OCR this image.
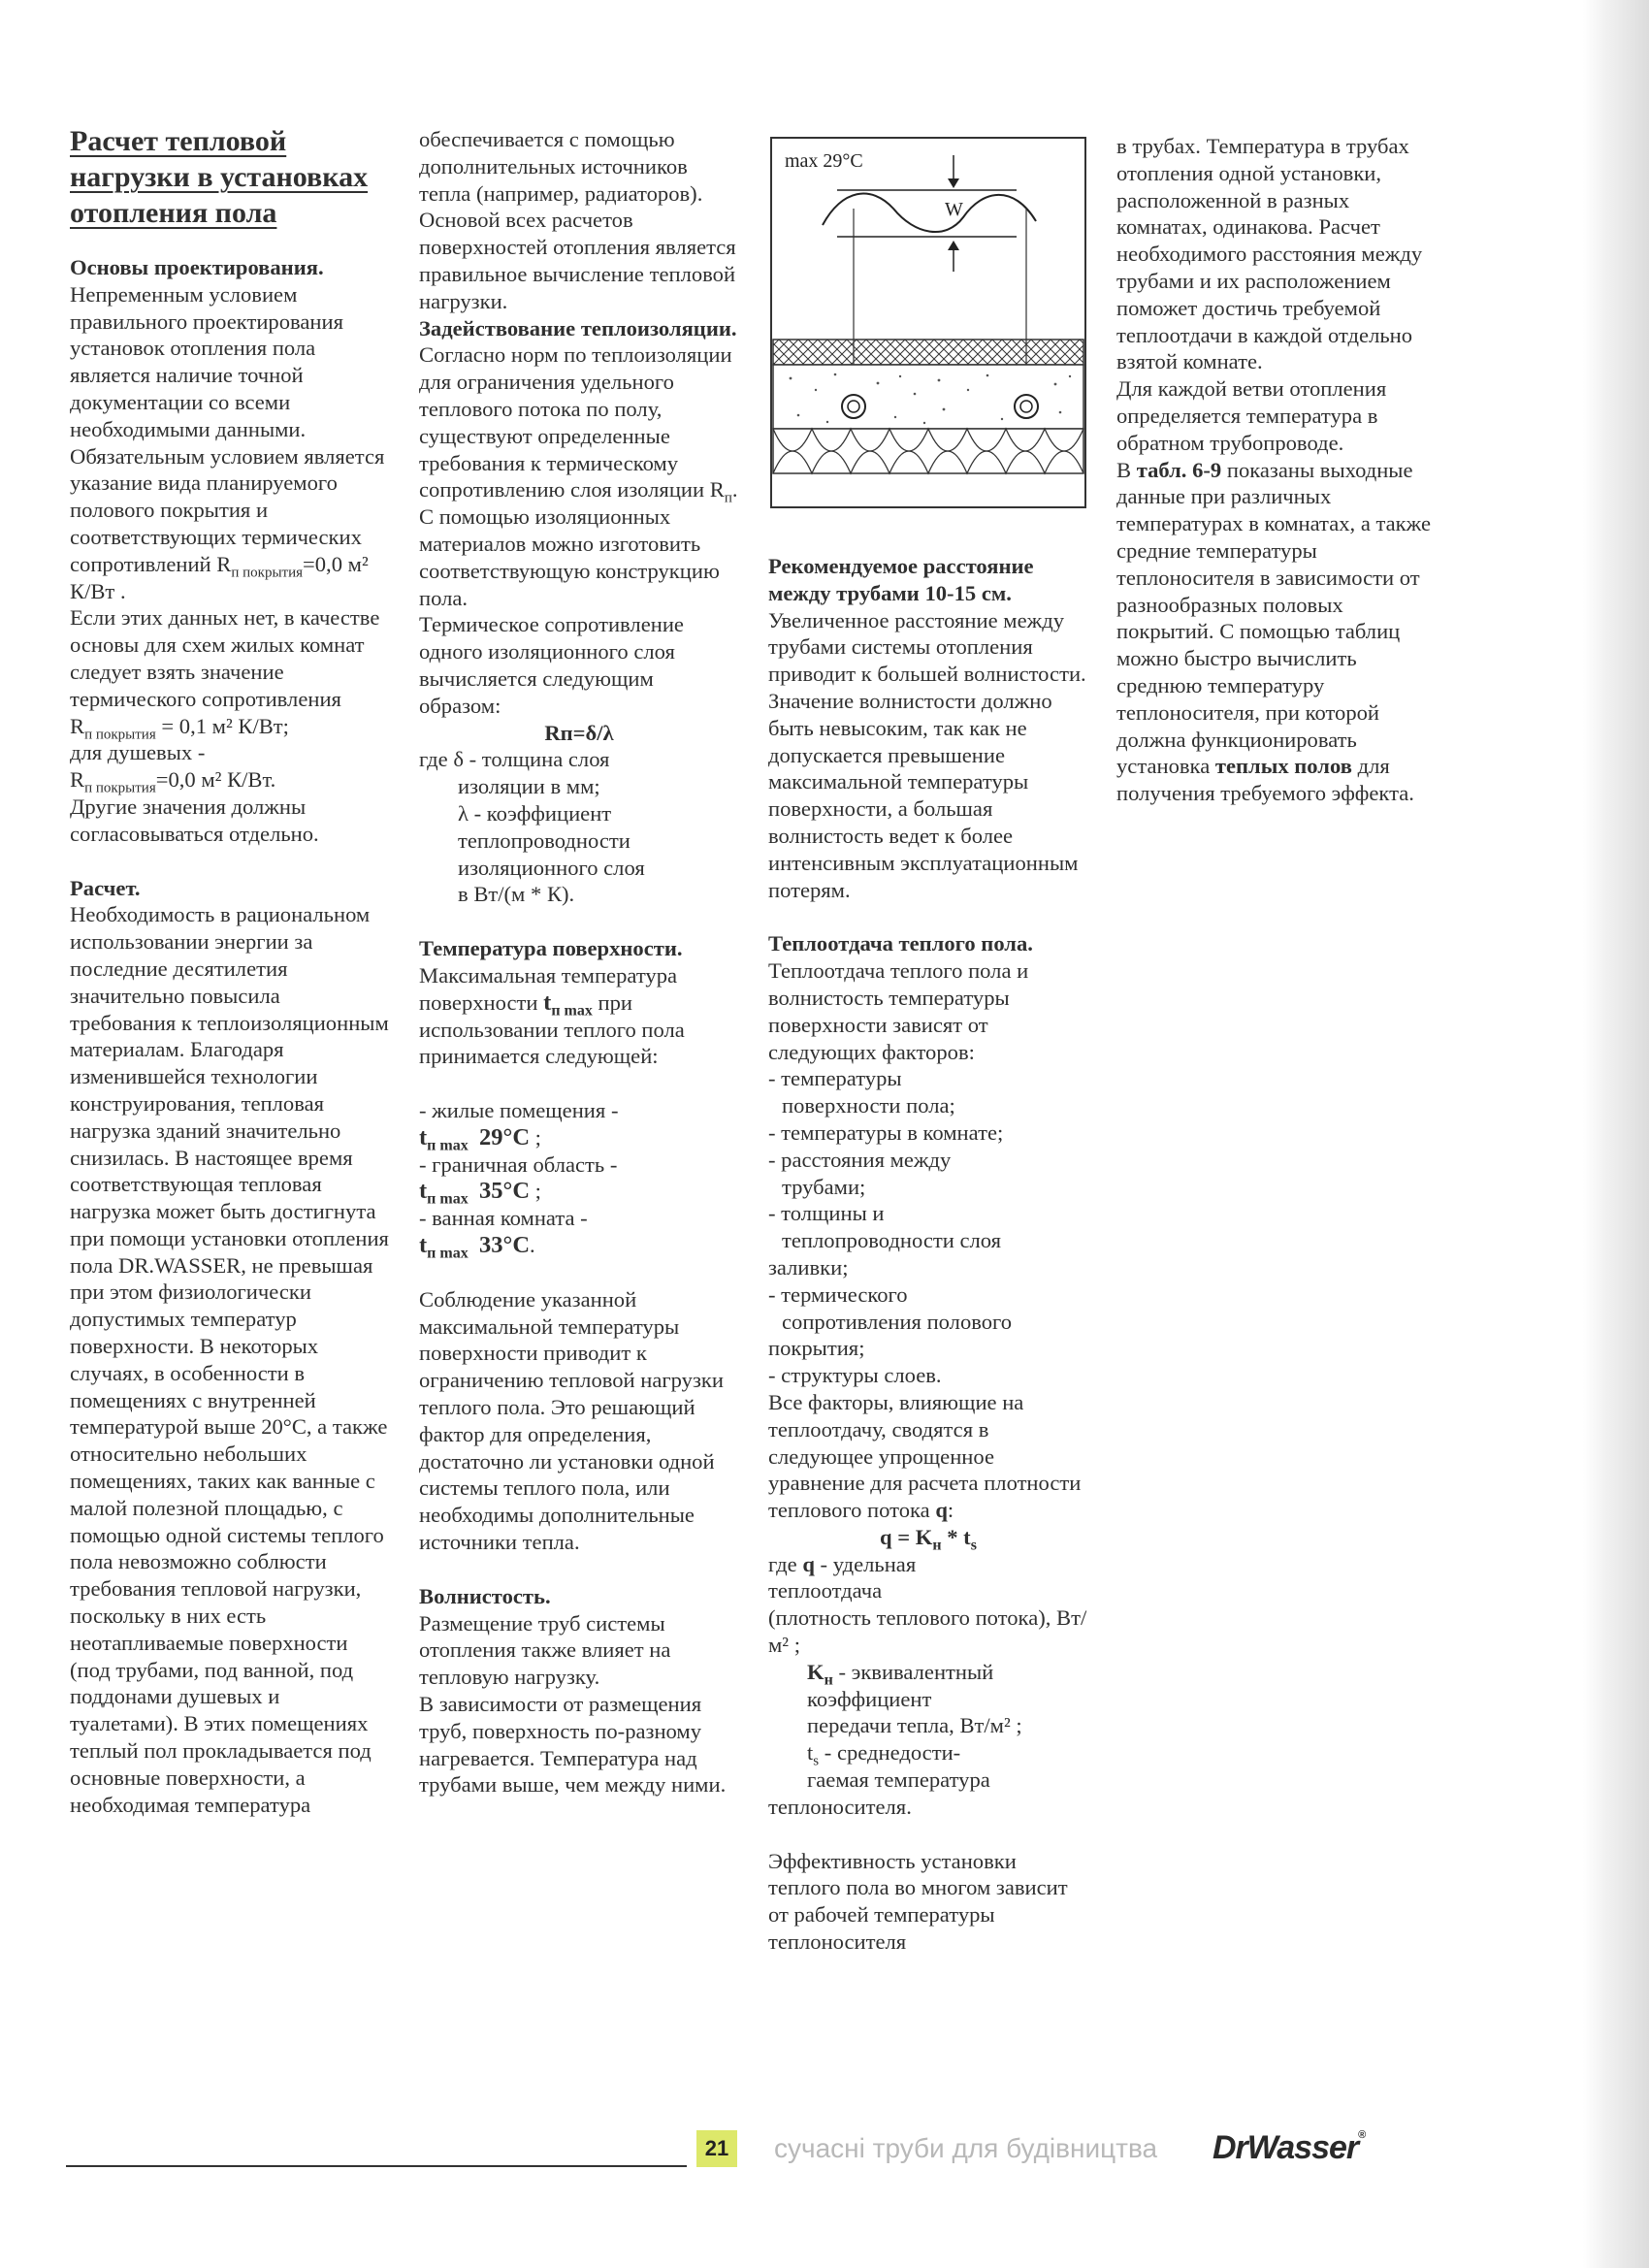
Расчет тепловой нагрузки в установках отопления пола

Основы проектирования.

Непременным условием правильного проектирования установок отопления пола является наличие точной документации со всеми необходимыми данными. Обязательным условием является указание вида планируемого полового покрытия и соответствующих термических сопротивлений $R_{п покрытия}=0,0$ м² К/Вт .

Если этих данных нет, в качестве основы для схем жилых комнат следует взять значение термического сопротивления

$R_{п покрытия} = 0,1$ м² К/Вт;

для душевых -

$R_{п покрытия}=0,0$ м² К/Вт.

Другие значения должны согласовываться отдельно.

Расчет.

Необходимость в рациональном использовании энергии за последние десятилетия значительно повысила требования к теплоизоляционным материалам. Благодаря изменившейся технологии конструирования, тепловая нагрузка зданий значительно снизилась. В настоящее время соответствующая тепловая нагрузка может быть достигнута при помощи установки отопления пола DR.WASSER, не превышая при этом физиологически допустимых температур поверхности. В некоторых случаях, в особенности в помещениях с внутренней температурой выше 20°С, а также относительно небольших помещениях, таких как ванные с малой полезной площадью, с помощью одной системы теплого пола невозможно соблюсти требования тепловой нагрузки, поскольку в них есть неотапливаемые поверхности (под трубами, под ванной, под поддонами душевых и туалетами). В этих помещениях теплый пол прокладывается под основные поверхности, а необходимая температура

обеспечивается с помощью дополнительных источников тепла (например, радиаторов).

Основой всех расчетов поверхностей отопления является правильное вычисление тепловой нагрузки.

Задействование теплоизоляции.

Согласно норм по теплоизоляции для ограничения удельного теплового потока по полу, существуют определенные требования к термическому сопротивлению слоя изоляции $R_п$.

С помощью изоляционных материалов можно изготовить соответствующую конструкцию пола.

Термическое сопротивление одного изоляционного слоя вычисляется следующим образом:

Rп=δ/λ

где δ - толщина слоя

изоляции в мм;

λ - коэффициент

теплопроводности изоляционного слоя

в Вт/(м * К).

Температура поверхности.

Максимальная температура поверхности $t_{п max}$ при использовании теплого пола принимается следующей:

- жилые помещения -

$t_{п max}$ 29°С ;

- граничная область -

$t_{п max}$ 35°С ;

- ванная комната -

$t_{п max}$ 33°С.

Соблюдение указанной максимальной температуры поверхности приводит к ограничению тепловой нагрузки теплого пола. Это решающий фактор для определения, достаточно ли установки одной системы теплого пола, или необходимы дополнительные источники тепла.

Волнистость.

Размещение труб системы отопления также влияет на тепловую нагрузку.

В зависимости от размещения труб, поверхность по-разному нагревается. Температура над трубами выше, чем между ними.

max 29°С
W

Рекомендуемое расстояние между трубами 10-15 см.

Увеличенное расстояние между трубами системы отопления приводит к большей волнистости.

Значение волнистости должно быть невысоким, так как не допускается превышение максимальной температуры поверхности, а большая волнистость ведет к более интенсивным эксплуатационным потерям.

Теплоотдача теплого пола.

Теплоотдача теплого пола и волнистость температуры поверхности зависят от следующих факторов:

- температуры

поверхности пола;

- температуры в комнате;

- расстояния между

трубами;

- толщины и

теплопроводности слоя

заливки;

- термического

сопротивления полового

покрытия;

- структуры слоев.

Все факторы, влияющие на теплоотдачу, сводятся в следующее упрощенное уравнение для расчета плотности теплового потока q:

$q = K_н * t_s$

где q - удельная

теплоотдача

(плотность теплового потока), Вт/м² ;

$K_н$ - эквивалентный

коэффициент

передачи тепла, Вт/м² ;

$t_s$ - среднедости-

гаемая температура

теплоносителя.

Эффективность установки теплого пола во многом зависит от рабочей температуры теплоносителя

в трубах. Температура в трубах отопления одной установки, расположенной в разных комнатах, одинакова. Расчет необходимого расстояния между трубами и их расположением поможет достичь требуемой теплоотдачи в каждой отдельно взятой комнате.

Для каждой ветви отопления определяется температура в обратном трубопроводе.

В табл. 6-9 показаны выходные данные при различных температурах в комнатах, а также средние температуры теплоносителя в зависимости от разнообразных половых покрытий. С помощью таблиц можно быстро вычислить среднюю температуру теплоносителя, при которой должна функционировать установка теплых полов для получения требуемого эффекта.

21	сучасні труби для будівництва DrWasser®
